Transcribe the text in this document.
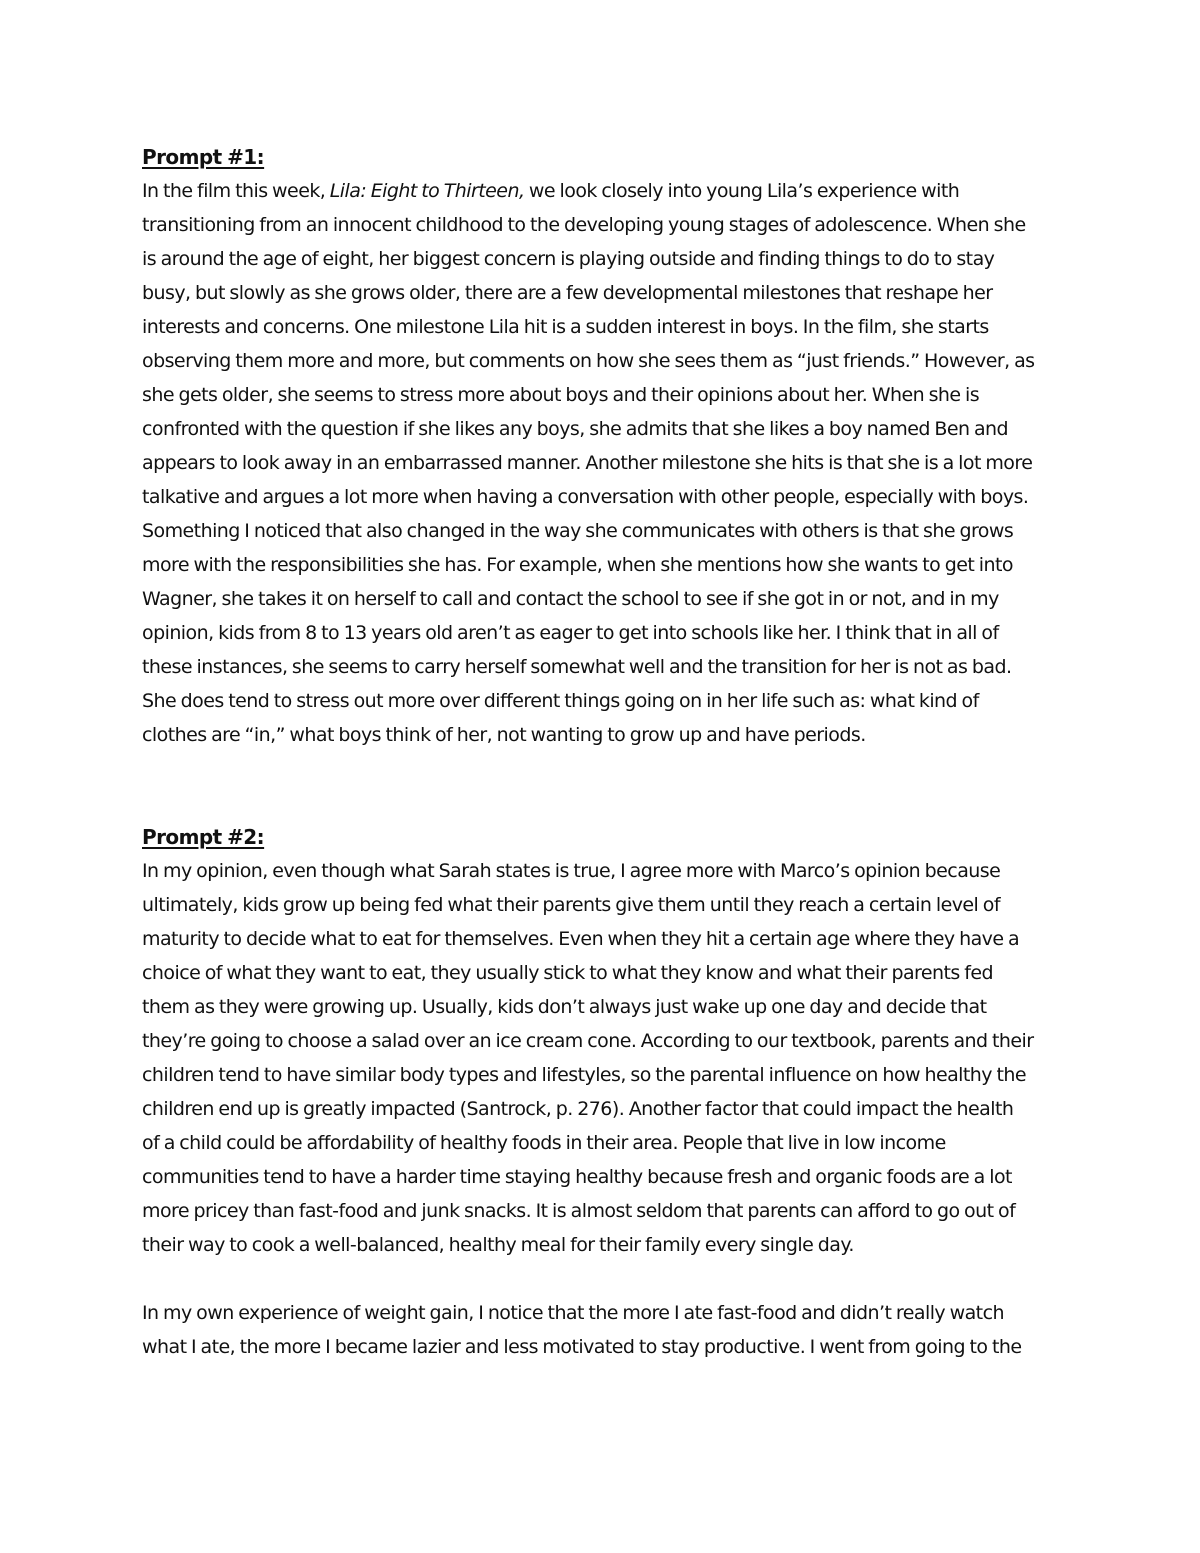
Prompt #1:
In the film this week, Lila: Eight to Thirteen, we look closely into young Lila’s experience with
transitioning from an innocent childhood to the developing young stages of adolescence. When she
is around the age of eight, her biggest concern is playing outside and finding things to do to stay
busy, but slowly as she grows older, there are a few developmental milestones that reshape her
interests and concerns. One milestone Lila hit is a sudden interest in boys. In the film, she starts
observing them more and more, but comments on how she sees them as “just friends.” However, as
she gets older, she seems to stress more about boys and their opinions about her. When she is
confronted with the question if she likes any boys, she admits that she likes a boy named Ben and
appears to look away in an embarrassed manner. Another milestone she hits is that she is a lot more
talkative and argues a lot more when having a conversation with other people, especially with boys.
Something I noticed that also changed in the way she communicates with others is that she grows
more with the responsibilities she has. For example, when she mentions how she wants to get into
Wagner, she takes it on herself to call and contact the school to see if she got in or not, and in my
opinion, kids from 8 to 13 years old aren’t as eager to get into schools like her. I think that in all of
these instances, she seems to carry herself somewhat well and the transition for her is not as bad.
She does tend to stress out more over different things going on in her life such as: what kind of
clothes are “in,” what boys think of her, not wanting to grow up and have periods.
Prompt #2:
In my opinion, even though what Sarah states is true, I agree more with Marco’s opinion because
ultimately, kids grow up being fed what their parents give them until they reach a certain level of
maturity to decide what to eat for themselves. Even when they hit a certain age where they have a
choice of what they want to eat, they usually stick to what they know and what their parents fed
them as they were growing up. Usually, kids don’t always just wake up one day and decide that
they’re going to choose a salad over an ice cream cone. According to our textbook, parents and their
children tend to have similar body types and lifestyles, so the parental influence on how healthy the
children end up is greatly impacted (Santrock, p. 276). Another factor that could impact the health
of a child could be affordability of healthy foods in their area. People that live in low income
communities tend to have a harder time staying healthy because fresh and organic foods are a lot
more pricey than fast-food and junk snacks. It is almost seldom that parents can afford to go out of
their way to cook a well-balanced, healthy meal for their family every single day.
In my own experience of weight gain, I notice that the more I ate fast-food and didn’t really watch
what I ate, the more I became lazier and less motivated to stay productive. I went from going to the
